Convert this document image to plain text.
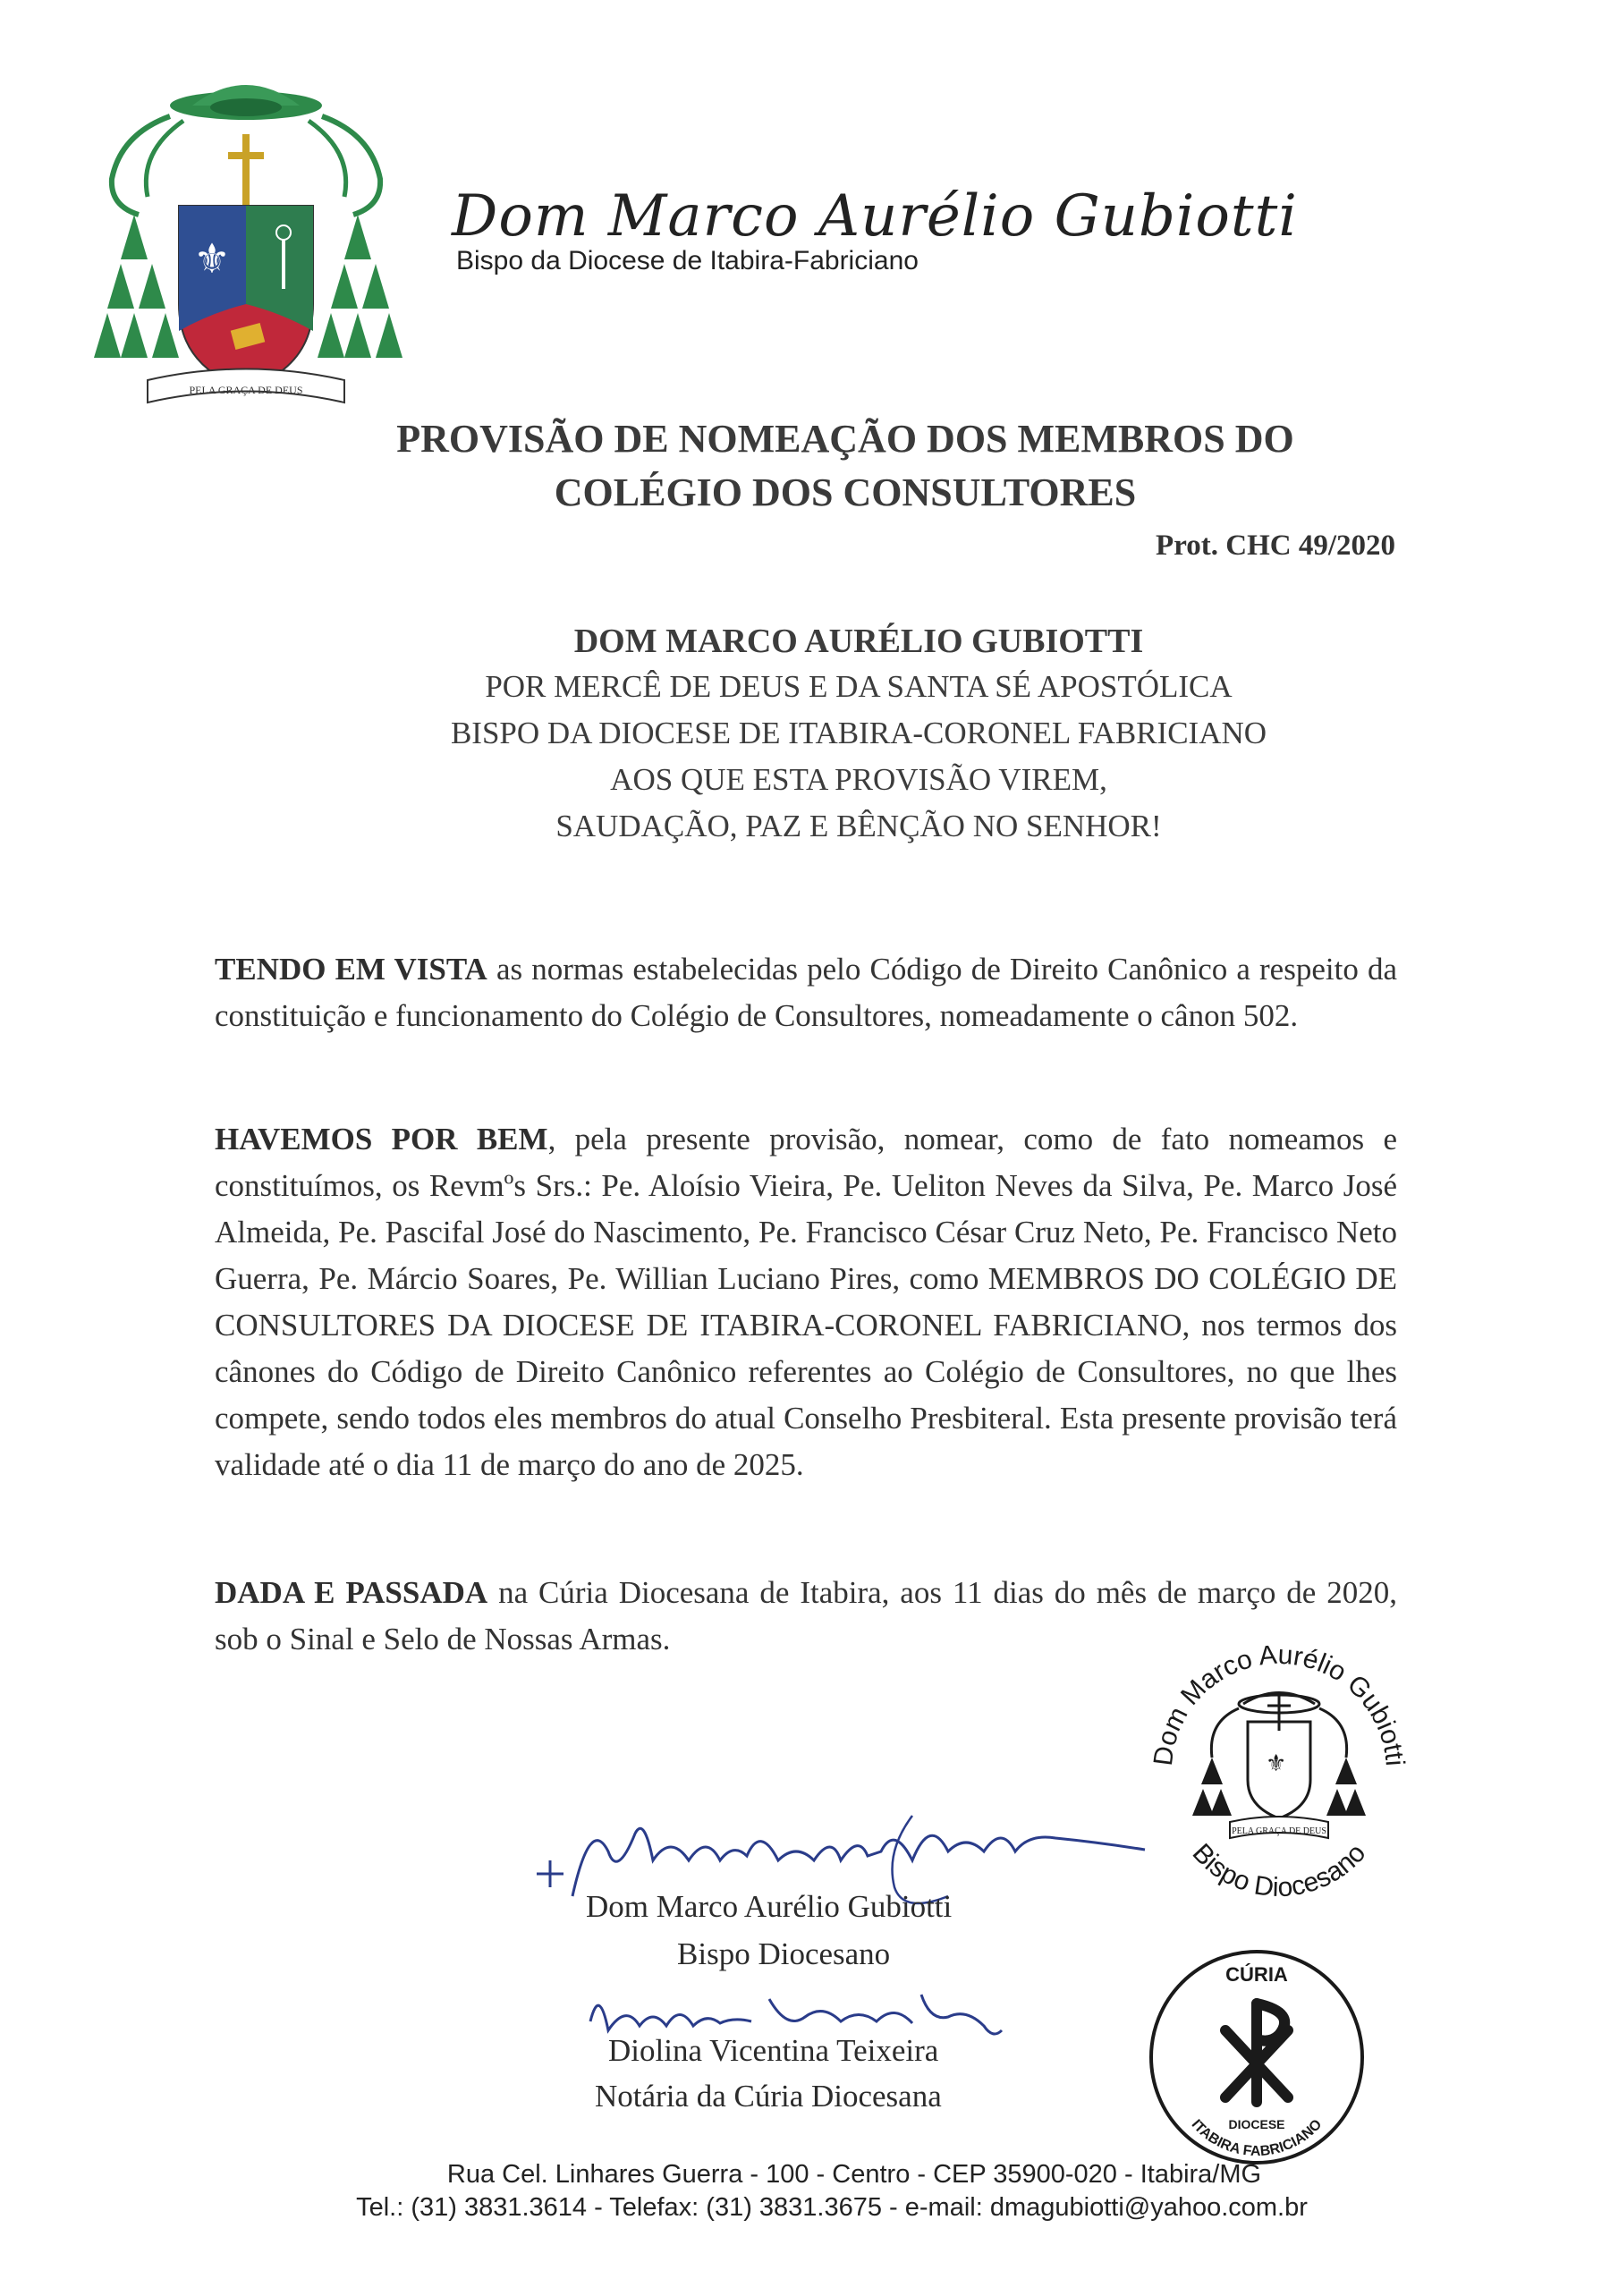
⚜
PELA GRAÇA DE DEUS
Dom Marco Aurélio Gubiotti
Bispo da Diocese de Itabira-Fabriciano
PROVISÃO DE NOMEAÇÃO DOS MEMBROS DO
COLÉGIO DOS CONSULTORES
Prot. CHC 49/2020
DOM MARCO AURÉLIO GUBIOTTI
POR MERCÊ DE DEUS E DA SANTA SÉ APOSTÓLICA
BISPO DA DIOCESE DE ITABIRA-CORONEL FABRICIANO
AOS QUE ESTA PROVISÃO VIREM,
SAUDAÇÃO, PAZ E BÊNÇÃO NO SENHOR!
TENDO EM VISTA as normas estabelecidas pelo Código de Direito Canônico a respeito da constituição e funcionamento do Colégio de Consultores, nomeadamente o cânon 502.
HAVEMOS POR BEM, pela presente provisão, nomear, como de fato nomeamos e constituímos, os Revmºs Srs.: Pe. Aloísio Vieira, Pe. Ueliton Neves da Silva, Pe. Marco José Almeida, Pe. Pascifal José do Nascimento, Pe. Francisco César Cruz Neto, Pe. Francisco Neto Guerra, Pe. Márcio Soares, Pe. Willian Luciano Pires, como MEMBROS DO COLÉGIO DE CONSULTORES DA DIOCESE DE ITABIRA-CORONEL FABRICIANO, nos termos dos cânones do Código de Direito Canônico referentes ao Colégio de Consultores, no que lhes compete, sendo todos eles membros do atual Conselho Presbiteral. Esta presente provisão terá validade até o dia 11 de março do ano de 2025.
DADA E PASSADA na Cúria Diocesana de Itabira, aos 11 dias do mês de março de 2020, sob o Sinal e Selo de Nossas Armas.
Dom Marco Aurélio Gubiotti
Bispo Diocesano
Diolina Vicentina Teixeira
Notária da Cúria Diocesana
Dom Marco Aurélio Gubiotti
Bispo Diocesano
⚜
PELA GRAÇA DE DEUS
CÚRIA
ITABIRA FABRICIANO
DIOCESE
Rua Cel. Linhares Guerra - 100 - Centro - CEP 35900-020 - Itabira/MG
Tel.: (31) 3831.3614 - Telefax: (31) 3831.3675 - e-mail: dmagubiotti@yahoo.com.br
